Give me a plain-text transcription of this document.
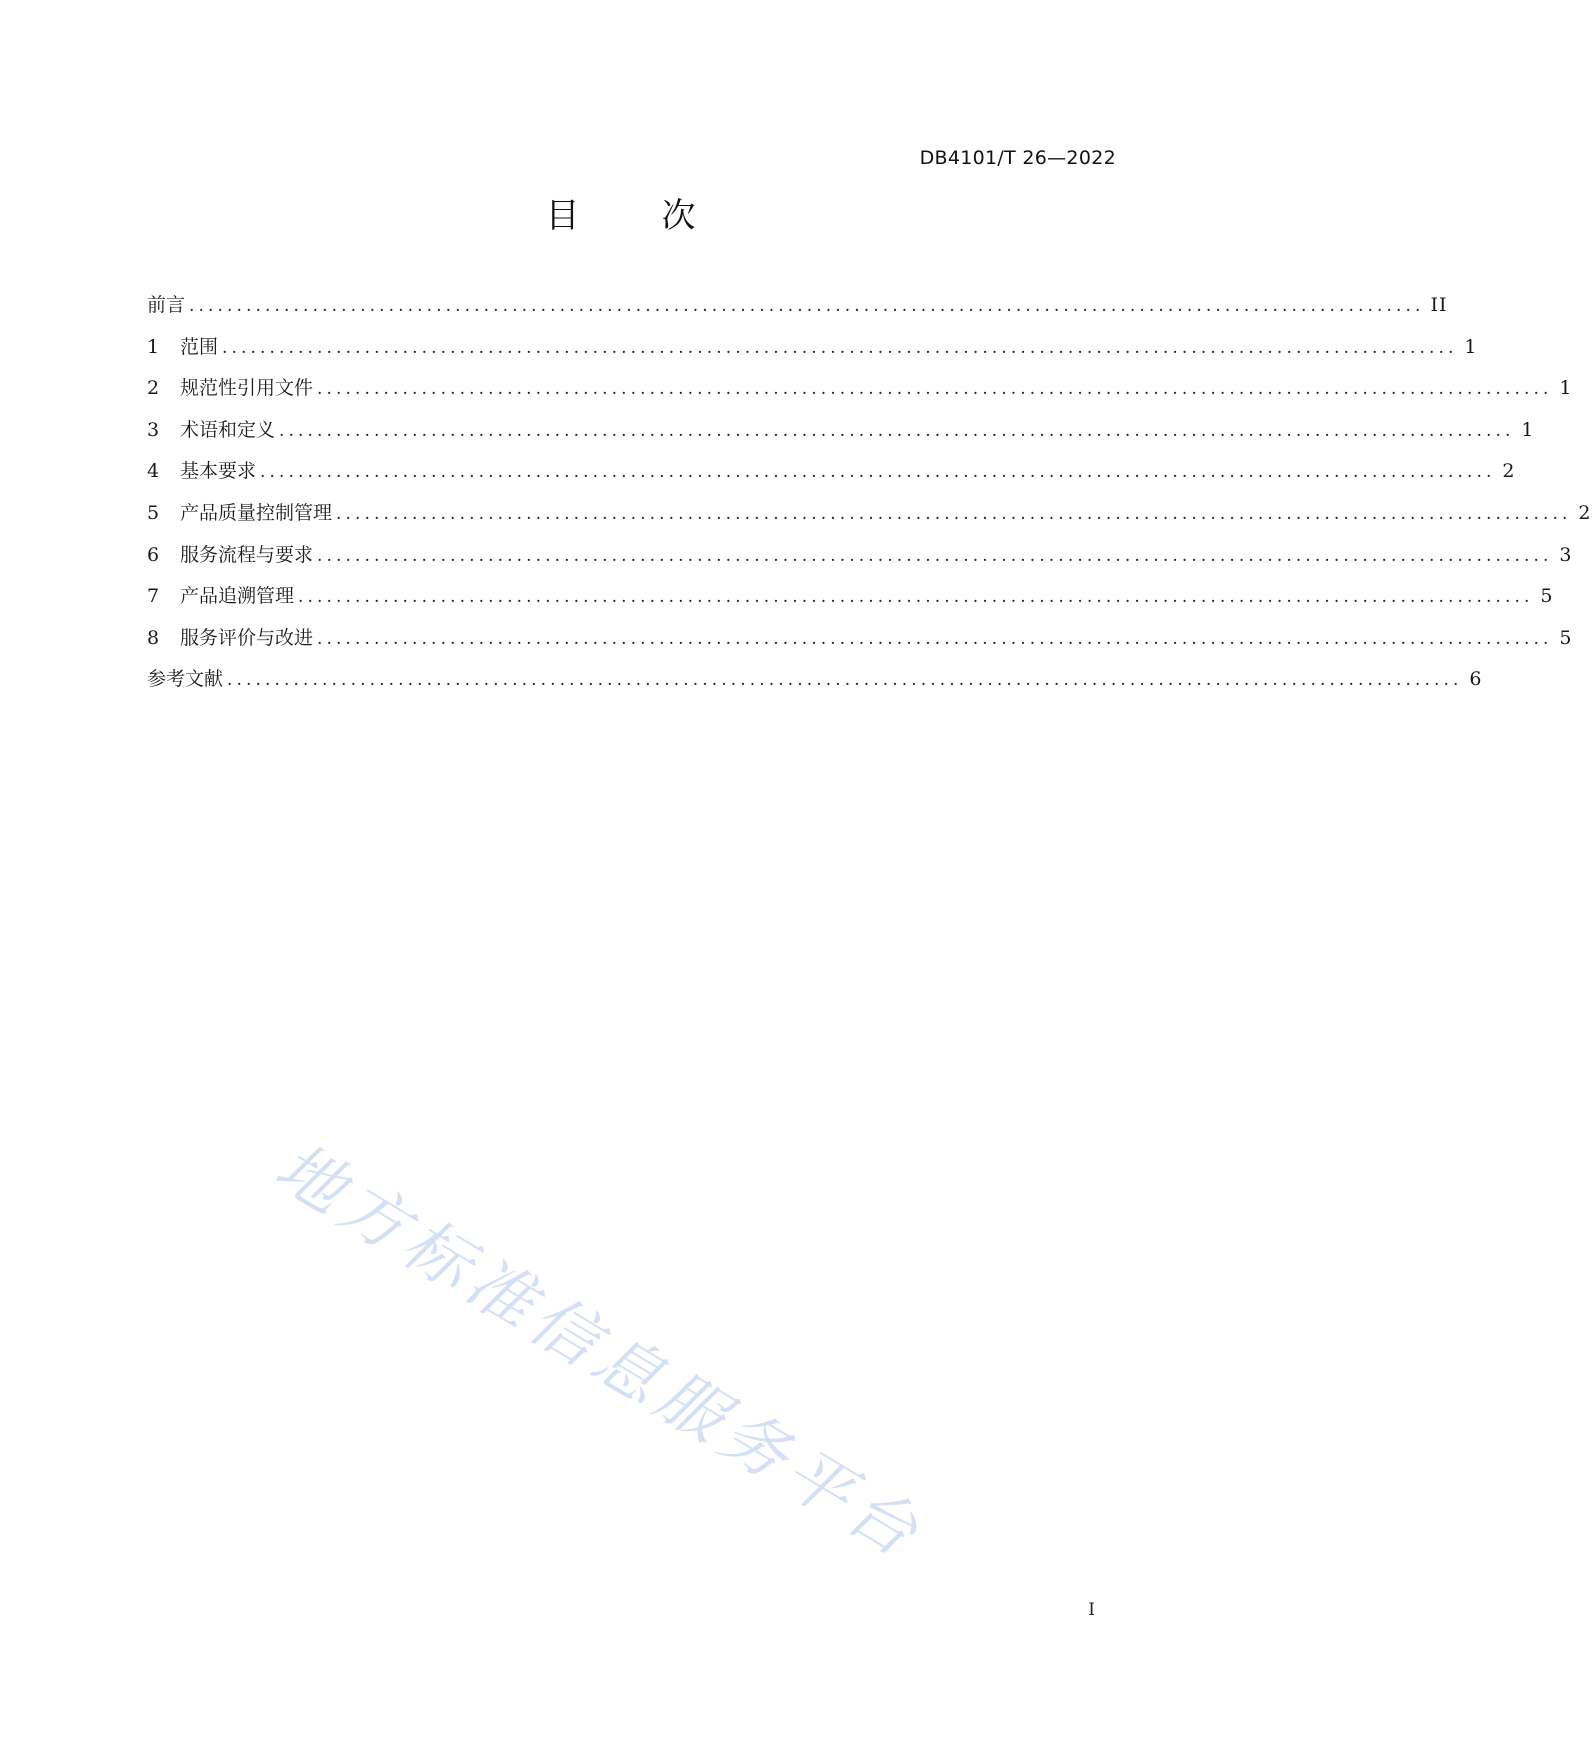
DB4101/T 26—2022
目 次
前言 .................................................................................................................................. II
1	范围 .................................................................................................................................. 1
2	规范性引用文件 .................................................................................................................................. 1
3	术语和定义 .................................................................................................................................. 1
4	基本要求 .................................................................................................................................. 2
5	产品质量控制管理 .................................................................................................................................. 2
6	服务流程与要求 .................................................................................................................................. 3
7	产品追溯管理 .................................................................................................................................. 5
8	服务评价与改进 .................................................................................................................................. 5
参考文献 .................................................................................................................................. 6
地方标准信息服务平台
I
